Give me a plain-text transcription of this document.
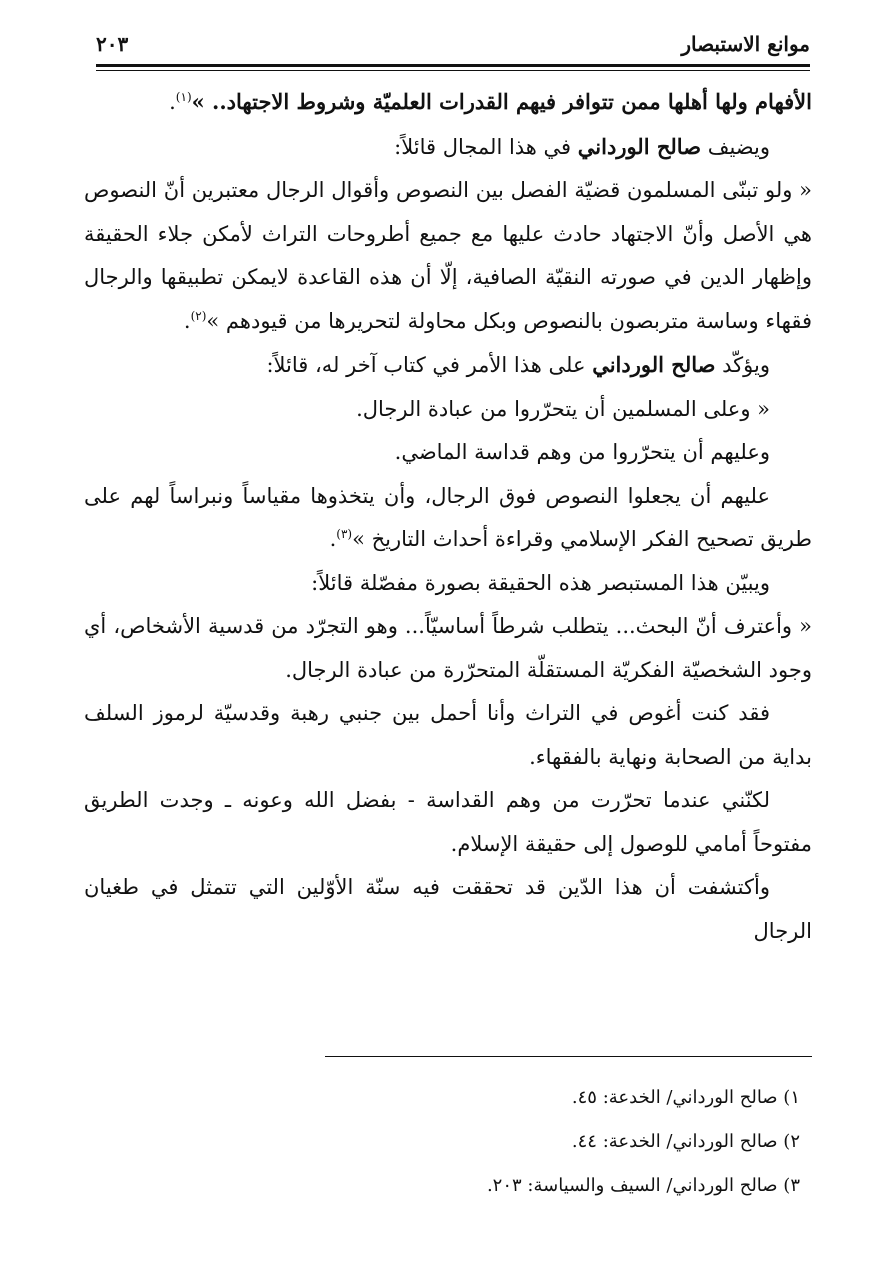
موانع الاستبصار
٢٠٣

الأفهام ولها أهلها ممن تتوافر فيهم القدرات العلميّة وشروط الاجتهاد.. »$^{(١)}$.

ويضيف صالح الورداني في هذا المجال قائلاً:

« ولو تبنّى المسلمون قضيّة الفصل بين النصوص وأقوال الرجال معتبرين أنّ النصوص هي الأصل وأنّ الاجتهاد حادث عليها مع جميع أطروحات التراث لأمكن جلاء الحقيقة وإظهار الدين في صورته النقيّة الصافية، إلّا أن هذه القاعدة لايمكن تطبيقها والرجال فقهاء وساسة متربصون بالنصوص وبكل محاولة لتحريرها من قيودهم »$^{(٢)}$.

ويؤكّد صالح الورداني على هذا الأمر في كتاب آخر له، قائلاً:

« وعلى المسلمين أن يتحرّروا من عبادة الرجال.

وعليهم أن يتحرّروا من وهم قداسة الماضي.

عليهم أن يجعلوا النصوص فوق الرجال، وأن يتخذوها مقياساً ونبراساً لهم على طريق تصحيح الفكر الإسلامي وقراءة أحداث التاريخ »$^{(٣)}$.

ويبيّن هذا المستبصر هذه الحقيقة بصورة مفصّلة قائلاً:

« وأعترف أنّ البحث... يتطلب شرطاً أساسيّاً... وهو التجرّد من قدسية الأشخاص، أي وجود الشخصيّة الفكريّة المستقلّة المتحرّرة من عبادة الرجال.

فقد كنت أغوص في التراث وأنا أحمل بين جنبي رهبة وقدسيّة لرموز السلف بداية من الصحابة ونهاية بالفقهاء.

لكنّني عندما تحرّرت من وهم القداسة - بفضل الله وعونه ـ وجدت الطريق مفتوحاً أمامي للوصول إلى حقيقة الإسلام.

وأكتشفت أن هذا الدّين قد تحققت فيه سنّة الأوّلين التي تتمثل في طغيان الرجال

١) صالح الورداني/ الخدعة: ٤٥.
٢) صالح الورداني/ الخدعة: ٤٤.
٣) صالح الورداني/ السيف والسياسة: ٢٠٣.
